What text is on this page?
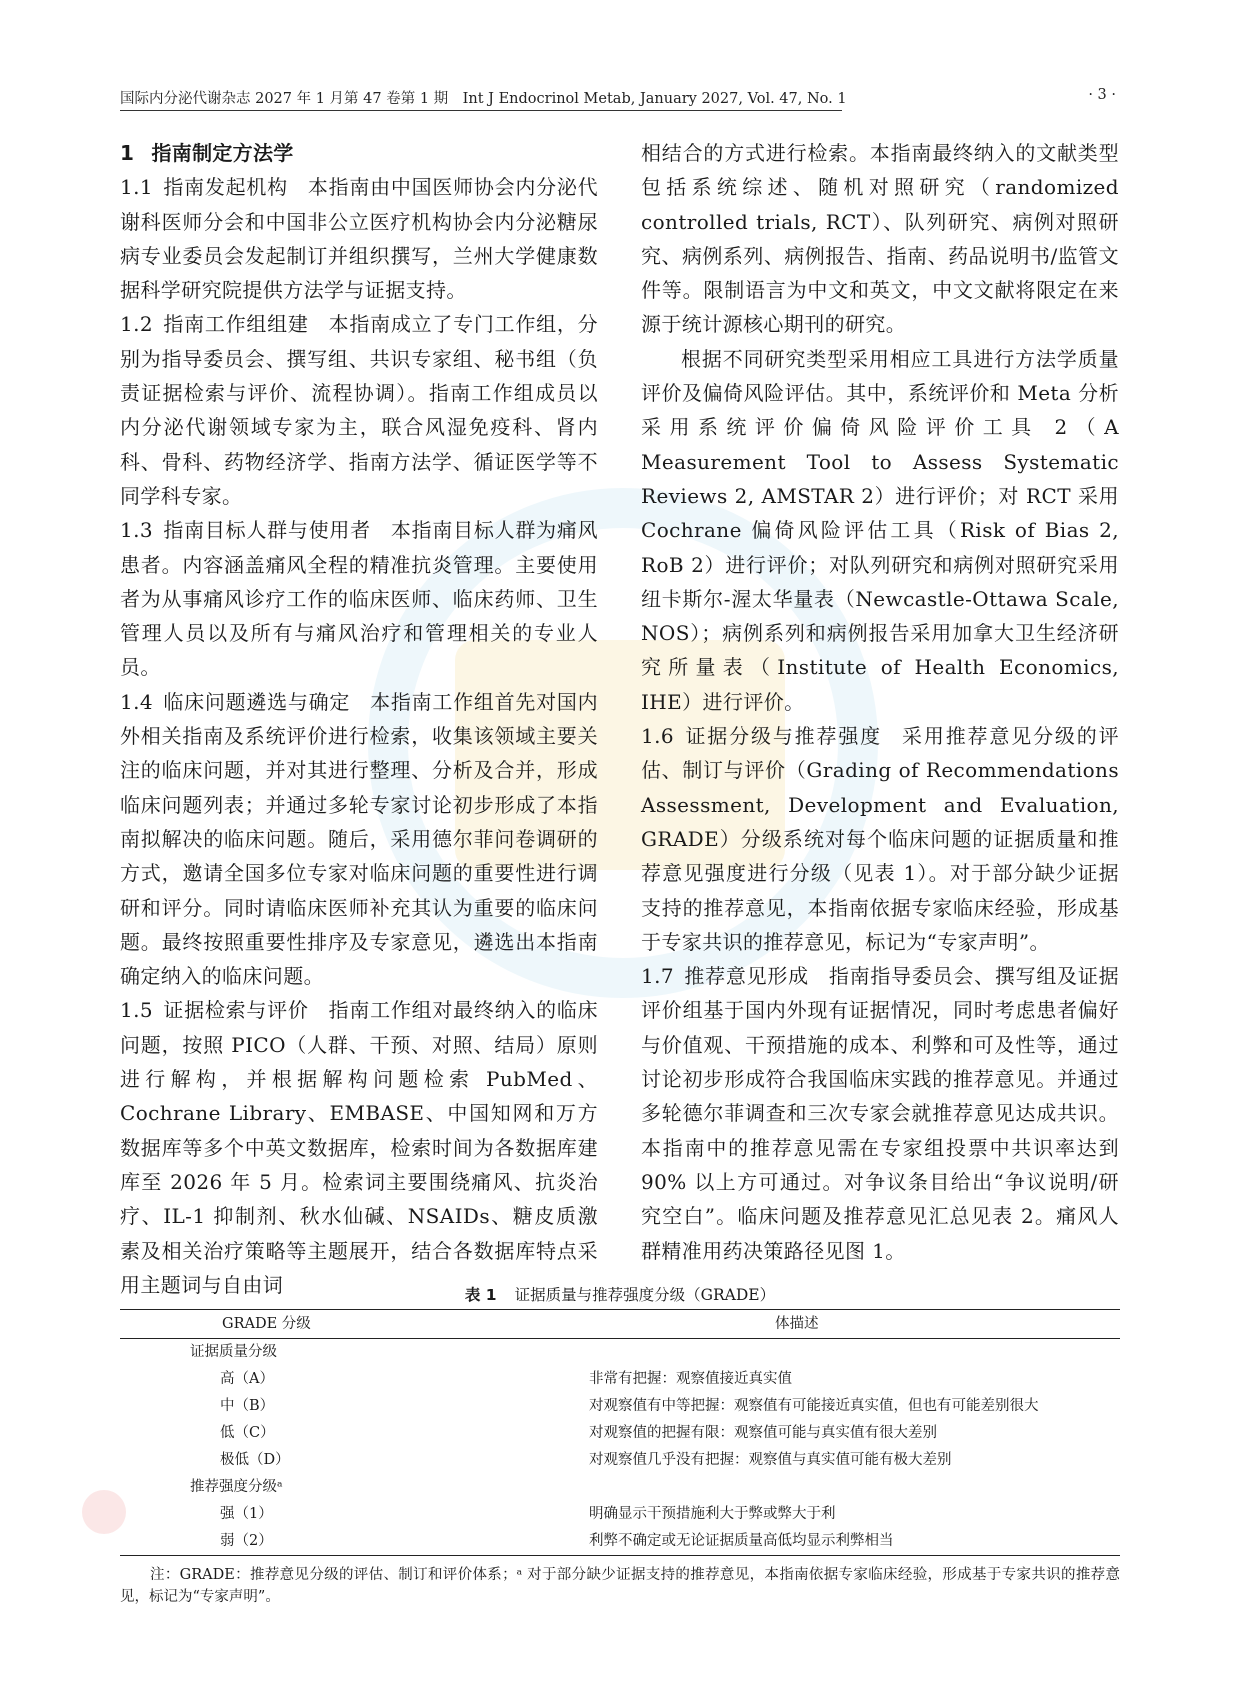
国际内分泌代谢杂志 2027 年 1 月第 47 卷第 1 期　Int J Endocrinol Metab, January 2027, Vol. 47, No. 1	· 3 ·

1 指南制定方法学

1.1 指南发起机构 本指南由中国医师协会内分泌代谢科医师分会和中国非公立医疗机构协会内分泌糖尿病专业委员会发起制订并组织撰写，兰州大学健康数据科学研究院提供方法学与证据支持。

1.2 指南工作组组建 本指南成立了专门工作组，分别为指导委员会、撰写组、共识专家组、秘书组（负责证据检索与评价、流程协调）。指南工作组成员以内分泌代谢领域专家为主，联合风湿免疫科、肾内科、骨科、药物经济学、指南方法学、循证医学等不同学科专家。

1.3 指南目标人群与使用者 本指南目标人群为痛风患者。内容涵盖痛风全程的精准抗炎管理。主要使用者为从事痛风诊疗工作的临床医师、临床药师、卫生管理人员以及所有与痛风治疗和管理相关的专业人员。

1.4 临床问题遴选与确定 本指南工作组首先对国内外相关指南及系统评价进行检索，收集该领域主要关注的临床问题，并对其进行整理、分析及合并，形成临床问题列表；并通过多轮专家讨论初步形成了本指南拟解决的临床问题。随后，采用德尔菲问卷调研的方式，邀请全国多位专家对临床问题的重要性进行调研和评分。同时请临床医师补充其认为重要的临床问题。最终按照重要性排序及专家意见，遴选出本指南确定纳入的临床问题。

1.5 证据检索与评价 指南工作组对最终纳入的临床问题，按照 PICO（人群、干预、对照、结局）原则进行解构，并根据解构问题检索 PubMed、Cochrane Library、EMBASE、中国知网和万方数据库等多个中英文数据库，检索时间为各数据库建库至 2026 年 5 月。检索词主要围绕痛风、抗炎治疗、IL-1 抑制剂、秋水仙碱、NSAIDs、糖皮质激素及相关治疗策略等主题展开，结合各数据库特点采用主题词与自由词

相结合的方式进行检索。本指南最终纳入的文献类型包括系统综述、随机对照研究（randomized controlled trials, RCT）、队列研究、病例对照研究、病例系列、病例报告、指南、药品说明书/监管文件等。限制语言为中文和英文，中文文献将限定在来源于统计源核心期刊的研究。

根据不同研究类型采用相应工具进行方法学质量评价及偏倚风险评估。其中，系统评价和 Meta 分析采用系统评价偏倚风险评价工具 2（A Measurement Tool to Assess Systematic Reviews 2, AMSTAR 2）进行评价；对 RCT 采用 Cochrane 偏倚风险评估工具（Risk of Bias 2, RoB 2）进行评价；对队列研究和病例对照研究采用纽卡斯尔-渥太华量表（Newcastle-Ottawa Scale, NOS）；病例系列和病例报告采用加拿大卫生经济研究所量表（Institute of Health Economics, IHE）进行评价。

1.6 证据分级与推荐强度 采用推荐意见分级的评估、制订与评价（Grading of Recommendations Assessment, Development and Evaluation, GRADE）分级系统对每个临床问题的证据质量和推荐意见强度进行分级（见表 1）。对于部分缺少证据支持的推荐意见，本指南依据专家临床经验，形成基于专家共识的推荐意见，标记为“专家声明”。

1.7 推荐意见形成 指南指导委员会、撰写组及证据评价组基于国内外现有证据情况，同时考虑患者偏好与价值观、干预措施的成本、利弊和可及性等，通过讨论初步形成符合我国临床实践的推荐意见。并通过多轮德尔菲调查和三次专家会就推荐意见达成共识。本指南中的推荐意见需在专家组投票中共识率达到 90% 以上方可通过。对争议条目给出“争议说明/研究空白”。临床问题及推荐意见汇总见表 2。痛风人群精准用药决策路径见图 1。

表 1 证据质量与推荐强度分级（GRADE）
GRADE 分级	体描述
证据质量分级	
高（A）	非常有把握：观察值接近真实值
中（B）	对观察值有中等把握：观察值有可能接近真实值，但也有可能差别很大
低（C）	对观察值的把握有限：观察值可能与真实值有很大差别
极低（D）	对观察值几乎没有把握：观察值与真实值可能有极大差别
推荐强度分级ᵃ	
强（1）	明确显示干预措施利大于弊或弊大于利
弱（2）	利弊不确定或无论证据质量高低均显示利弊相当
注：GRADE：推荐意见分级的评估、制订和评价体系；ᵃ 对于部分缺少证据支持的推荐意见，本指南依据专家临床经验，形成基于专家共识的推荐意见，标记为“专家声明”。
